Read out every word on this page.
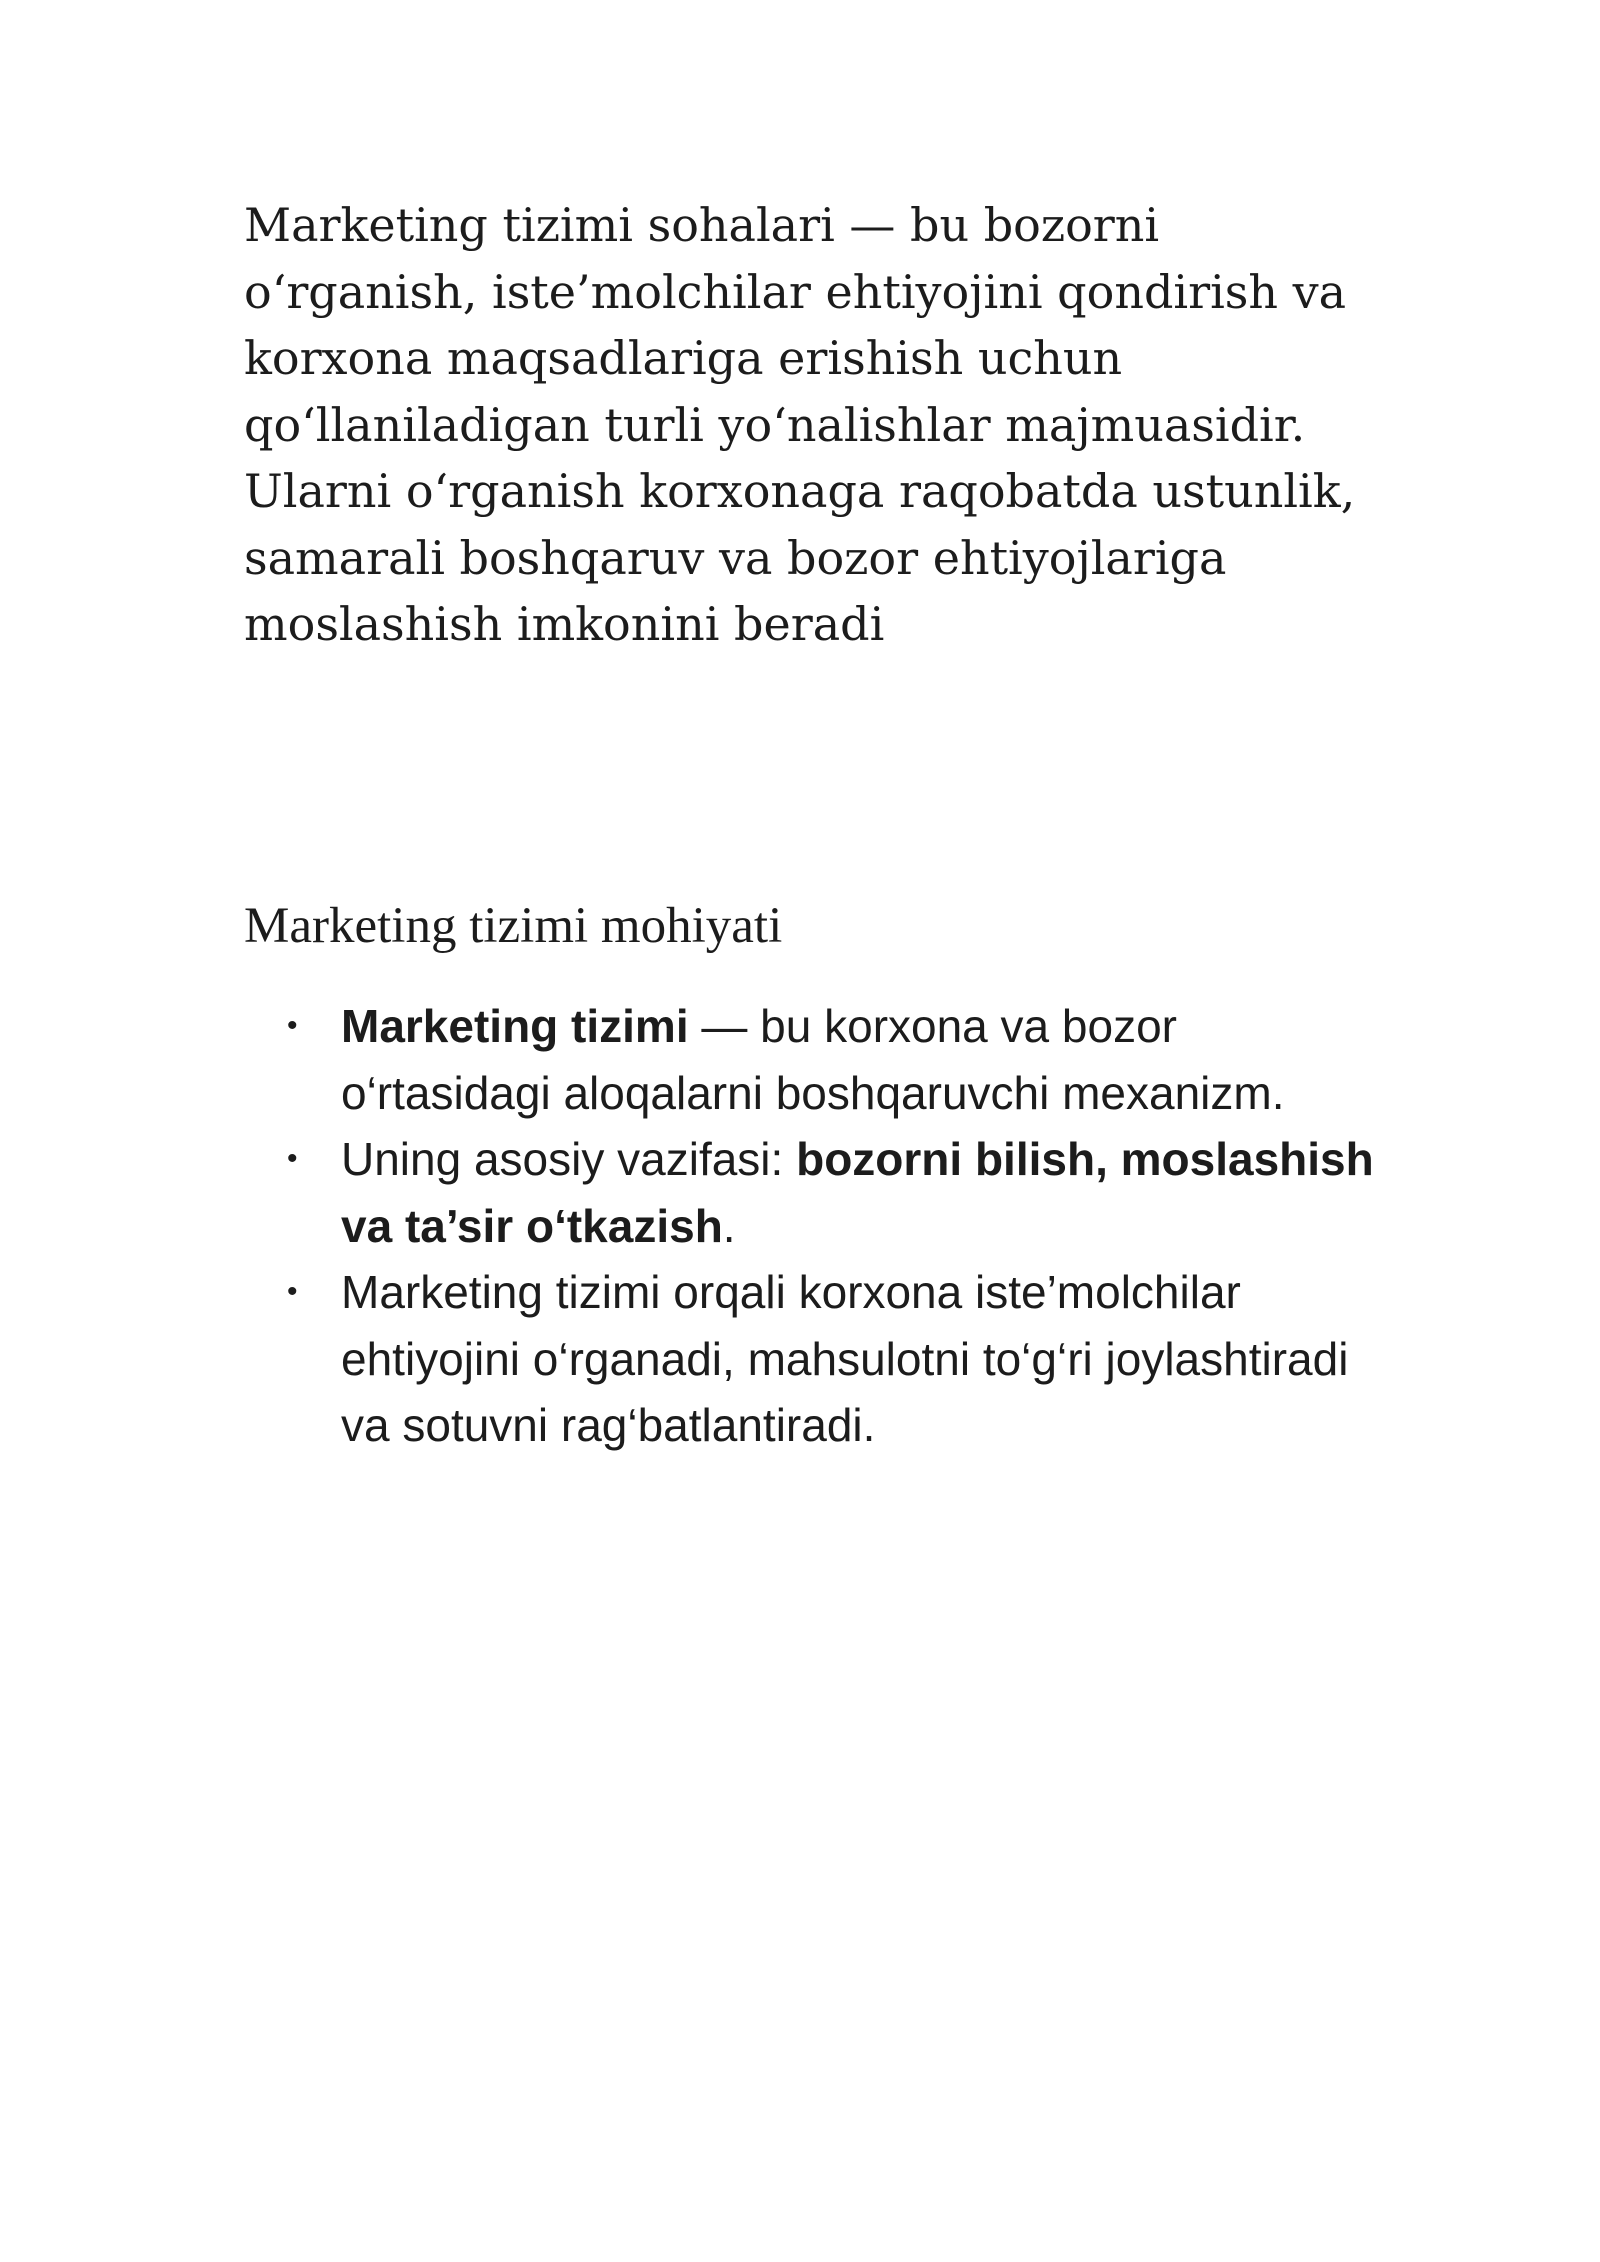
Marketing tizimi sohalari — bu bozorni o‘rganish, iste’molchilar ehtiyojini qondirish va korxona maqsadlariga erishish uchun qo‘llaniladigan turli yo‘nalishlar majmuasidir. Ularni o‘rganish korxonaga raqobatda ustunlik, samarali boshqaruv va bozor ehtiyojlariga moslashish imkonini beradi

Marketing tizimi mohiyati
• Marketing tizimi — bu korxona va bozor o‘rtasidagi aloqalarni boshqaruvchi mexanizm.
• Uning asosiy vazifasi: bozorni bilish, moslashish va ta’sir o‘tkazish.
• Marketing tizimi orqali korxona iste’molchilar ehtiyojini o‘rganadi, mahsulotni to‘g‘ri joylashtiradi va sotuvni rag‘batlantiradi.
